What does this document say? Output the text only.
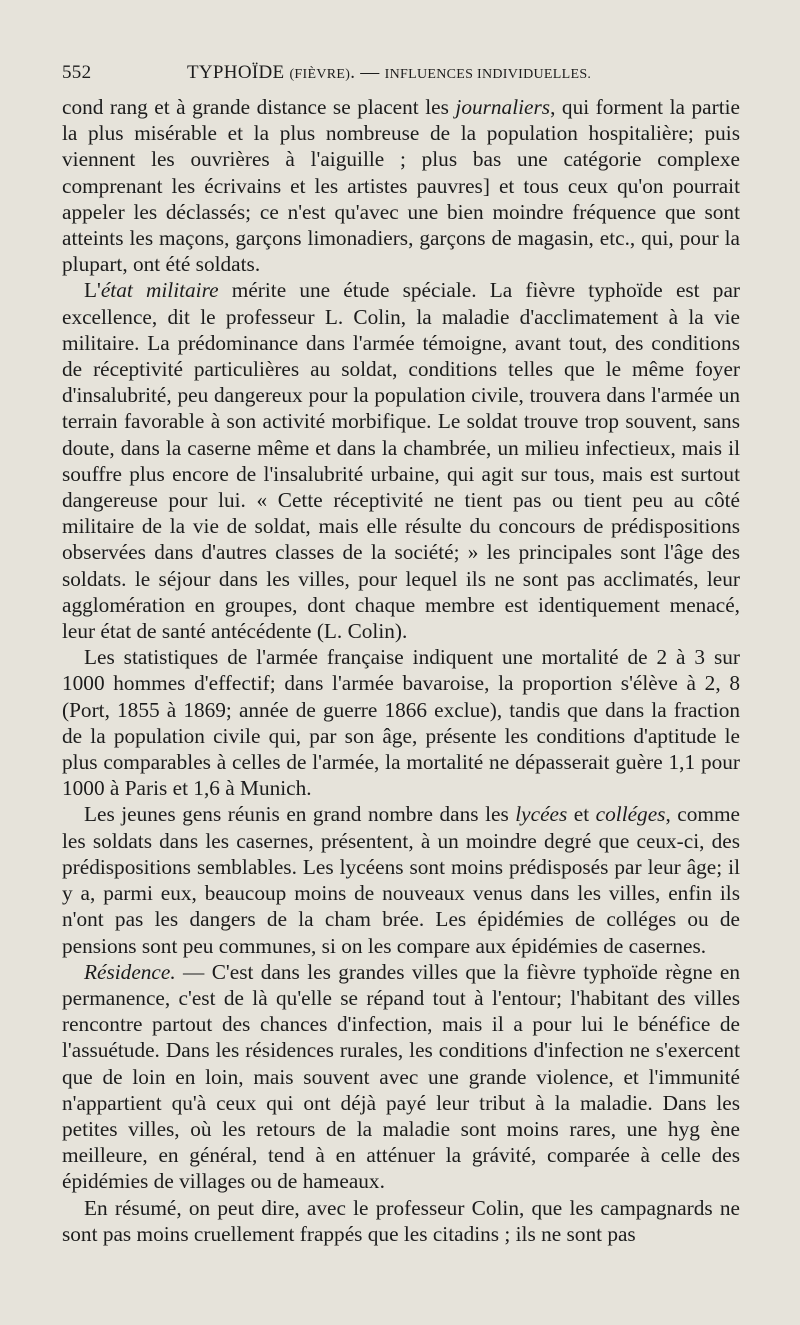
552	TYPHOÏDE (FIÈVRE). — INFLUENCES INDIVIDUELLES.

cond rang et à grande distance se placent les journaliers, qui forment la partie la plus misérable et la plus nombreuse de la population hospitalière; puis viennent les ouvrières à l'aiguille ; plus bas une catégorie complexe comprenant les écrivains et les artistes pauvres] et tous ceux qu'on pourrait appeler les déclassés; ce n'est qu'avec une bien moindre fréquence que sont atteints les maçons, garçons limonadiers, garçons de magasin, etc., qui, pour la plupart, ont été soldats.

L'état militaire mérite une étude spéciale. La fièvre typhoïde est par excellence, dit le professeur L. Colin, la maladie d'acclimatement à la vie militaire. La prédominance dans l'armée témoigne, avant tout, des conditions de réceptivité particulières au soldat, conditions telles que le même foyer d'insalubrité, peu dangereux pour la population civile, trouvera dans l'armée un terrain favorable à son activité morbifique. Le soldat trouve trop souvent, sans doute, dans la caserne même et dans la chambrée, un milieu infectieux, mais il souffre plus encore de l'insalubrité urbaine, qui agit sur tous, mais est surtout dangereuse pour lui. « Cette réceptivité ne tient pas ou tient peu au côté militaire de la vie de soldat, mais elle résulte du concours de prédispositions observées dans d'autres classes de la société; » les principales sont l'âge des soldats. le séjour dans les villes, pour lequel ils ne sont pas acclimatés, leur agglomération en groupes, dont chaque membre est identiquement menacé, leur état de santé antécédente (L. Colin).

Les statistiques de l'armée française indiquent une mortalité de 2 à 3 sur 1000 hommes d'effectif; dans l'armée bavaroise, la proportion s'élève à 2, 8 (Port, 1855 à 1869; année de guerre 1866 exclue), tandis que dans la fraction de la population civile qui, par son âge, présente les conditions d'aptitude le plus comparables à celles de l'armée, la mortalité ne dépasserait guère 1,1 pour 1000 à Paris et 1,6 à Munich.

Les jeunes gens réunis en grand nombre dans les lycées et colléges, comme les soldats dans les casernes, présentent, à un moindre degré que ceux-ci, des prédispositions semblables. Les lycéens sont moins prédisposés par leur âge; il y a, parmi eux, beaucoup moins de nouveaux venus dans les villes, enfin ils n'ont pas les dangers de la cham brée. Les épidémies de colléges ou de pensions sont peu communes, si on les compare aux épidémies de casernes.

Résidence. — C'est dans les grandes villes que la fièvre typhoïde règne en permanence, c'est de là qu'elle se répand tout à l'entour; l'habitant des villes rencontre partout des chances d'infection, mais il a pour lui le bénéfice de l'assuétude. Dans les résidences rurales, les conditions d'infection ne s'exercent que de loin en loin, mais souvent avec une grande violence, et l'immunité n'appartient qu'à ceux qui ont déjà payé leur tribut à la maladie. Dans les petites villes, où les retours de la maladie sont moins rares, une hyg ène meilleure, en général, tend à en atténuer la grávité, comparée à celle des épidémies de villages ou de hameaux.

En résumé, on peut dire, avec le professeur Colin, que les campagnards ne sont pas moins cruellement frappés que les citadins ; ils ne sont pas
